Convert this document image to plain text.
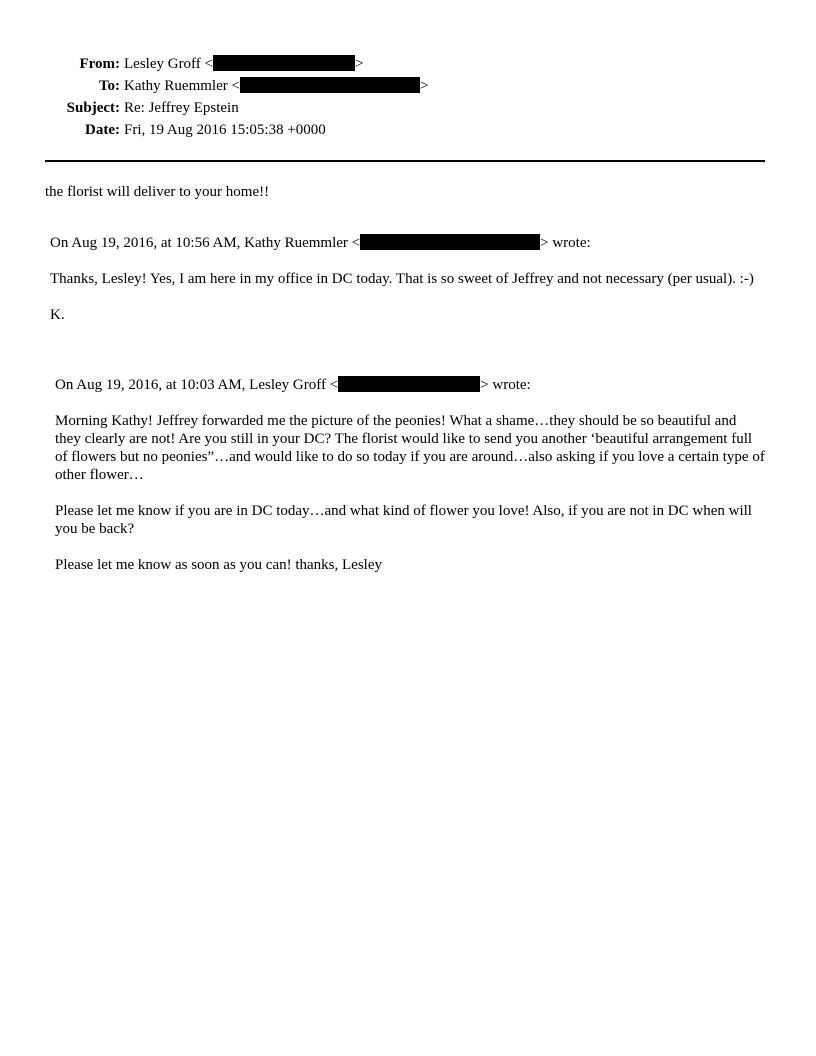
From: Lesley Groff <	>
To: Kathy Ruemmler <	>
Subject: Re: Jeffrey Epstein
Date: Fri, 19 Aug 2016 15:05:38 +0000

the florist will deliver to your home!!

On Aug 19, 2016, at 10:56 AM, Kathy Ruemmler <	> wrote:

Thanks, Lesley! Yes, I am here in my office in DC today. That is so sweet of Jeffrey and not necessary (per usual). :-)

K.

On Aug 19, 2016, at 10:03 AM, Lesley Groff <	> wrote:

Morning Kathy! Jeffrey forwarded me the picture of the peonies! What a shame…they should be so beautiful and they clearly are not! Are you still in your DC? The florist would like to send you another ‘beautiful arrangement full of flowers but no peonies”…and would like to do so today if you are around…also asking if you love a certain type of other flower…

Please let me know if you are in DC today…and what kind of flower you love! Also, if you are not in DC when will you be back?

Please let me know as soon as you can! thanks, Lesley
